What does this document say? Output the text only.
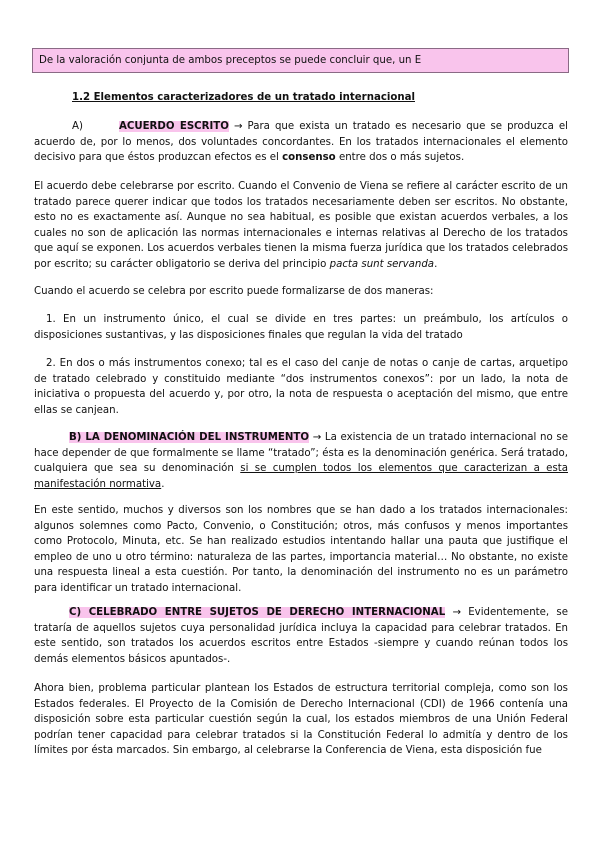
De la valoración conjunta de ambos preceptos se puede concluir que, un E

1.2 Elementos caracterizadores de un tratado internacional

A)	ACUERDO ESCRITO → Para que exista un tratado es necesario que se produzca el acuerdo de, por lo menos, dos voluntades concordantes. En los tratados internacionales el elemento decisivo para que éstos produzcan efectos es el consenso entre dos o más sujetos.

El acuerdo debe celebrarse por escrito. Cuando el Convenio de Viena se refiere al carácter escrito de un tratado parece querer indicar que todos los tratados necesariamente deben ser escritos. No obstante, esto no es exactamente así. Aunque no sea habitual, es posible que existan acuerdos verbales, a los cuales no son de aplicación las normas internacionales e internas relativas al Derecho de los tratados que aquí se exponen. Los acuerdos verbales tienen la misma fuerza jurídica que los tratados celebrados por escrito; su carácter obligatorio se deriva del principio pacta sunt servanda.

Cuando el acuerdo se celebra por escrito puede formalizarse de dos maneras:

1. En un instrumento único, el cual se divide en tres partes: un preámbulo, los artículos o disposiciones sustantivas, y las disposiciones finales que regulan la vida del tratado

2. En dos o más instrumentos conexo; tal es el caso del canje de notas o canje de cartas, arquetipo de tratado celebrado y constituido mediante “dos instrumentos conexos”: por un lado, la nota de iniciativa o propuesta del acuerdo y, por otro, la nota de respuesta o aceptación del mismo, que entre ellas se canjean.

B) LA DENOMINACIÓN DEL INSTRUMENTO → La existencia de un tratado internacional no se hace depender de que formalmente se llame “tratado”; ésta es la denominación genérica. Será tratado, cualquiera que sea su denominación si se cumplen todos los elementos que caracterizan a esta manifestación normativa.

En este sentido, muchos y diversos son los nombres que se han dado a los tratados internacionales: algunos solemnes como Pacto, Convenio, o Constitución; otros, más confusos y menos importantes como Protocolo, Minuta, etc. Se han realizado estudios intentando hallar una pauta que justifique el empleo de uno u otro término: naturaleza de las partes, importancia material… No obstante, no existe una respuesta lineal a esta cuestión. Por tanto, la denominación del instrumento no es un parámetro para identificar un tratado internacional.

C) CELEBRADO ENTRE SUJETOS DE DERECHO INTERNACIONAL → Evidentemente, se trataría de aquellos sujetos cuya personalidad jurídica incluya la capacidad para celebrar tratados. En este sentido, son tratados los acuerdos escritos entre Estados -siempre y cuando reúnan todos los demás elementos básicos apuntados-.

Ahora bien, problema particular plantean los Estados de estructura territorial compleja, como son los Estados federales. El Proyecto de la Comisión de Derecho Internacional (CDI) de 1966 contenía una disposición sobre esta particular cuestión según la cual, los estados miembros de una Unión Federal podrían tener capacidad para celebrar tratados si la Constitución Federal lo admitía y dentro de los límites por ésta marcados. Sin embargo, al celebrarse la Conferencia de Viena, esta disposición fue
